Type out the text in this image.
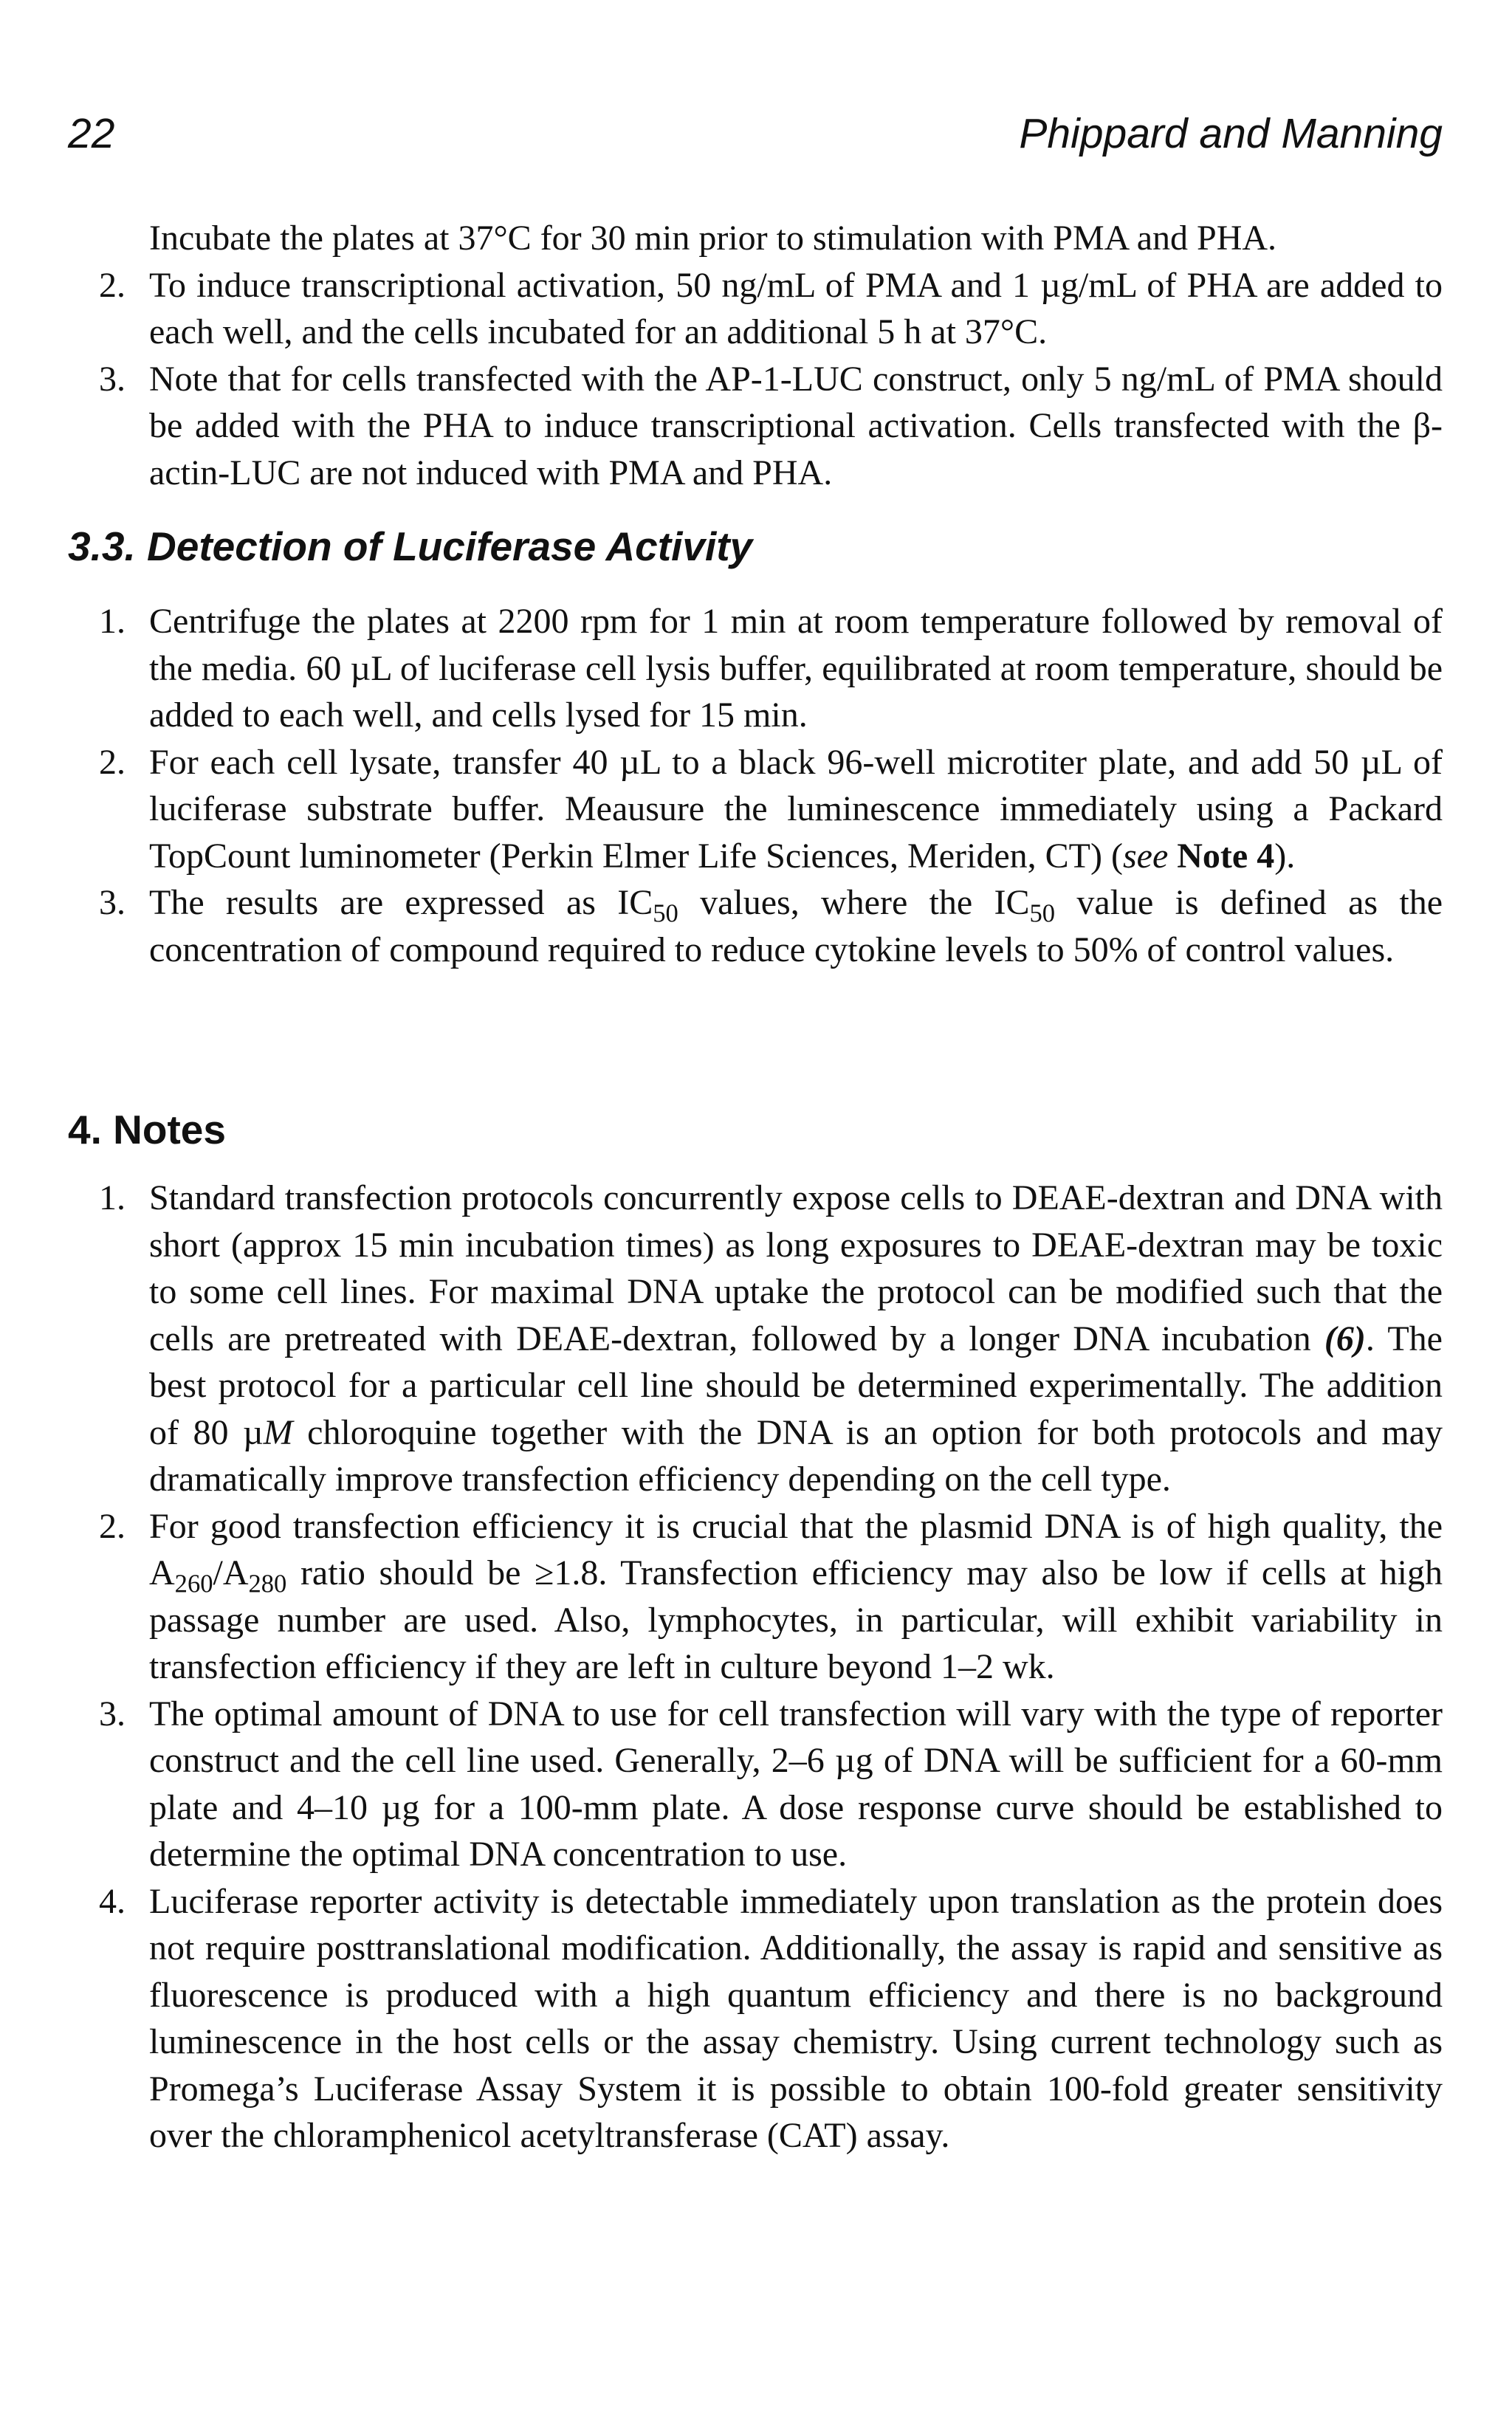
22	Phippard and Manning
Incubate the plates at 37°C for 30 min prior to stimulation with PMA and PHA.
2. To induce transcriptional activation, 50 ng/mL of PMA and 1 µg/mL of PHA are added to each well, and the cells incubated for an additional 5 h at 37°C.
3. Note that for cells transfected with the AP-1-LUC construct, only 5 ng/mL of PMA should be added with the PHA to induce transcriptional activation. Cells transfected with the β-actin-LUC are not induced with PMA and PHA.
3.3. Detection of Luciferase Activity
1. Centrifuge the plates at 2200 rpm for 1 min at room temperature followed by removal of the media. 60 µL of luciferase cell lysis buffer, equilibrated at room temperature, should be added to each well, and cells lysed for 15 min.
2. For each cell lysate, transfer 40 µL to a black 96-well microtiter plate, and add 50 µL of luciferase substrate buffer. Meausure the luminescence immediately using a Packard TopCount luminometer (Perkin Elmer Life Sciences, Meriden, CT) (see Note 4).
3. The results are expressed as $IC_{50}$ values, where the $IC_{50}$ value is defined as the concentration of compound required to reduce cytokine levels to 50% of control values.
4. Notes
1. Standard transfection protocols concurrently expose cells to DEAE-dextran and DNA with short (approx 15 min incubation times) as long exposures to DEAE-dextran may be toxic to some cell lines. For maximal DNA uptake the protocol can be modified such that the cells are pretreated with DEAE-dextran, followed by a longer DNA incubation (6). The best protocol for a particular cell line should be determined experimentally. The addition of 80 µM chloroquine together with the DNA is an option for both protocols and may dramatically improve transfection efficiency depending on the cell type.
2. For good transfection efficiency it is crucial that the plasmid DNA is of high quality, the $A_{260}/A_{280}$ ratio should be ≥1.8. Transfection efficiency may also be low if cells at high passage number are used. Also, lymphocytes, in particular, will exhibit variability in transfection efficiency if they are left in culture beyond 1–2 wk.
3. The optimal amount of DNA to use for cell transfection will vary with the type of reporter construct and the cell line used. Generally, 2–6 µg of DNA will be sufficient for a 60-mm plate and 4–10 µg for a 100-mm plate. A dose response curve should be established to determine the optimal DNA concentration to use.
4. Luciferase reporter activity is detectable immediately upon translation as the protein does not require posttranslational modification. Additionally, the assay is rapid and sensitive as fluorescence is produced with a high quantum efficiency and there is no background luminescence in the host cells or the assay chemistry. Using current technology such as Promega’s Luciferase Assay System it is possible to obtain 100-fold greater sensitivity over the chloramphenicol acetyltransferase (CAT) assay.
